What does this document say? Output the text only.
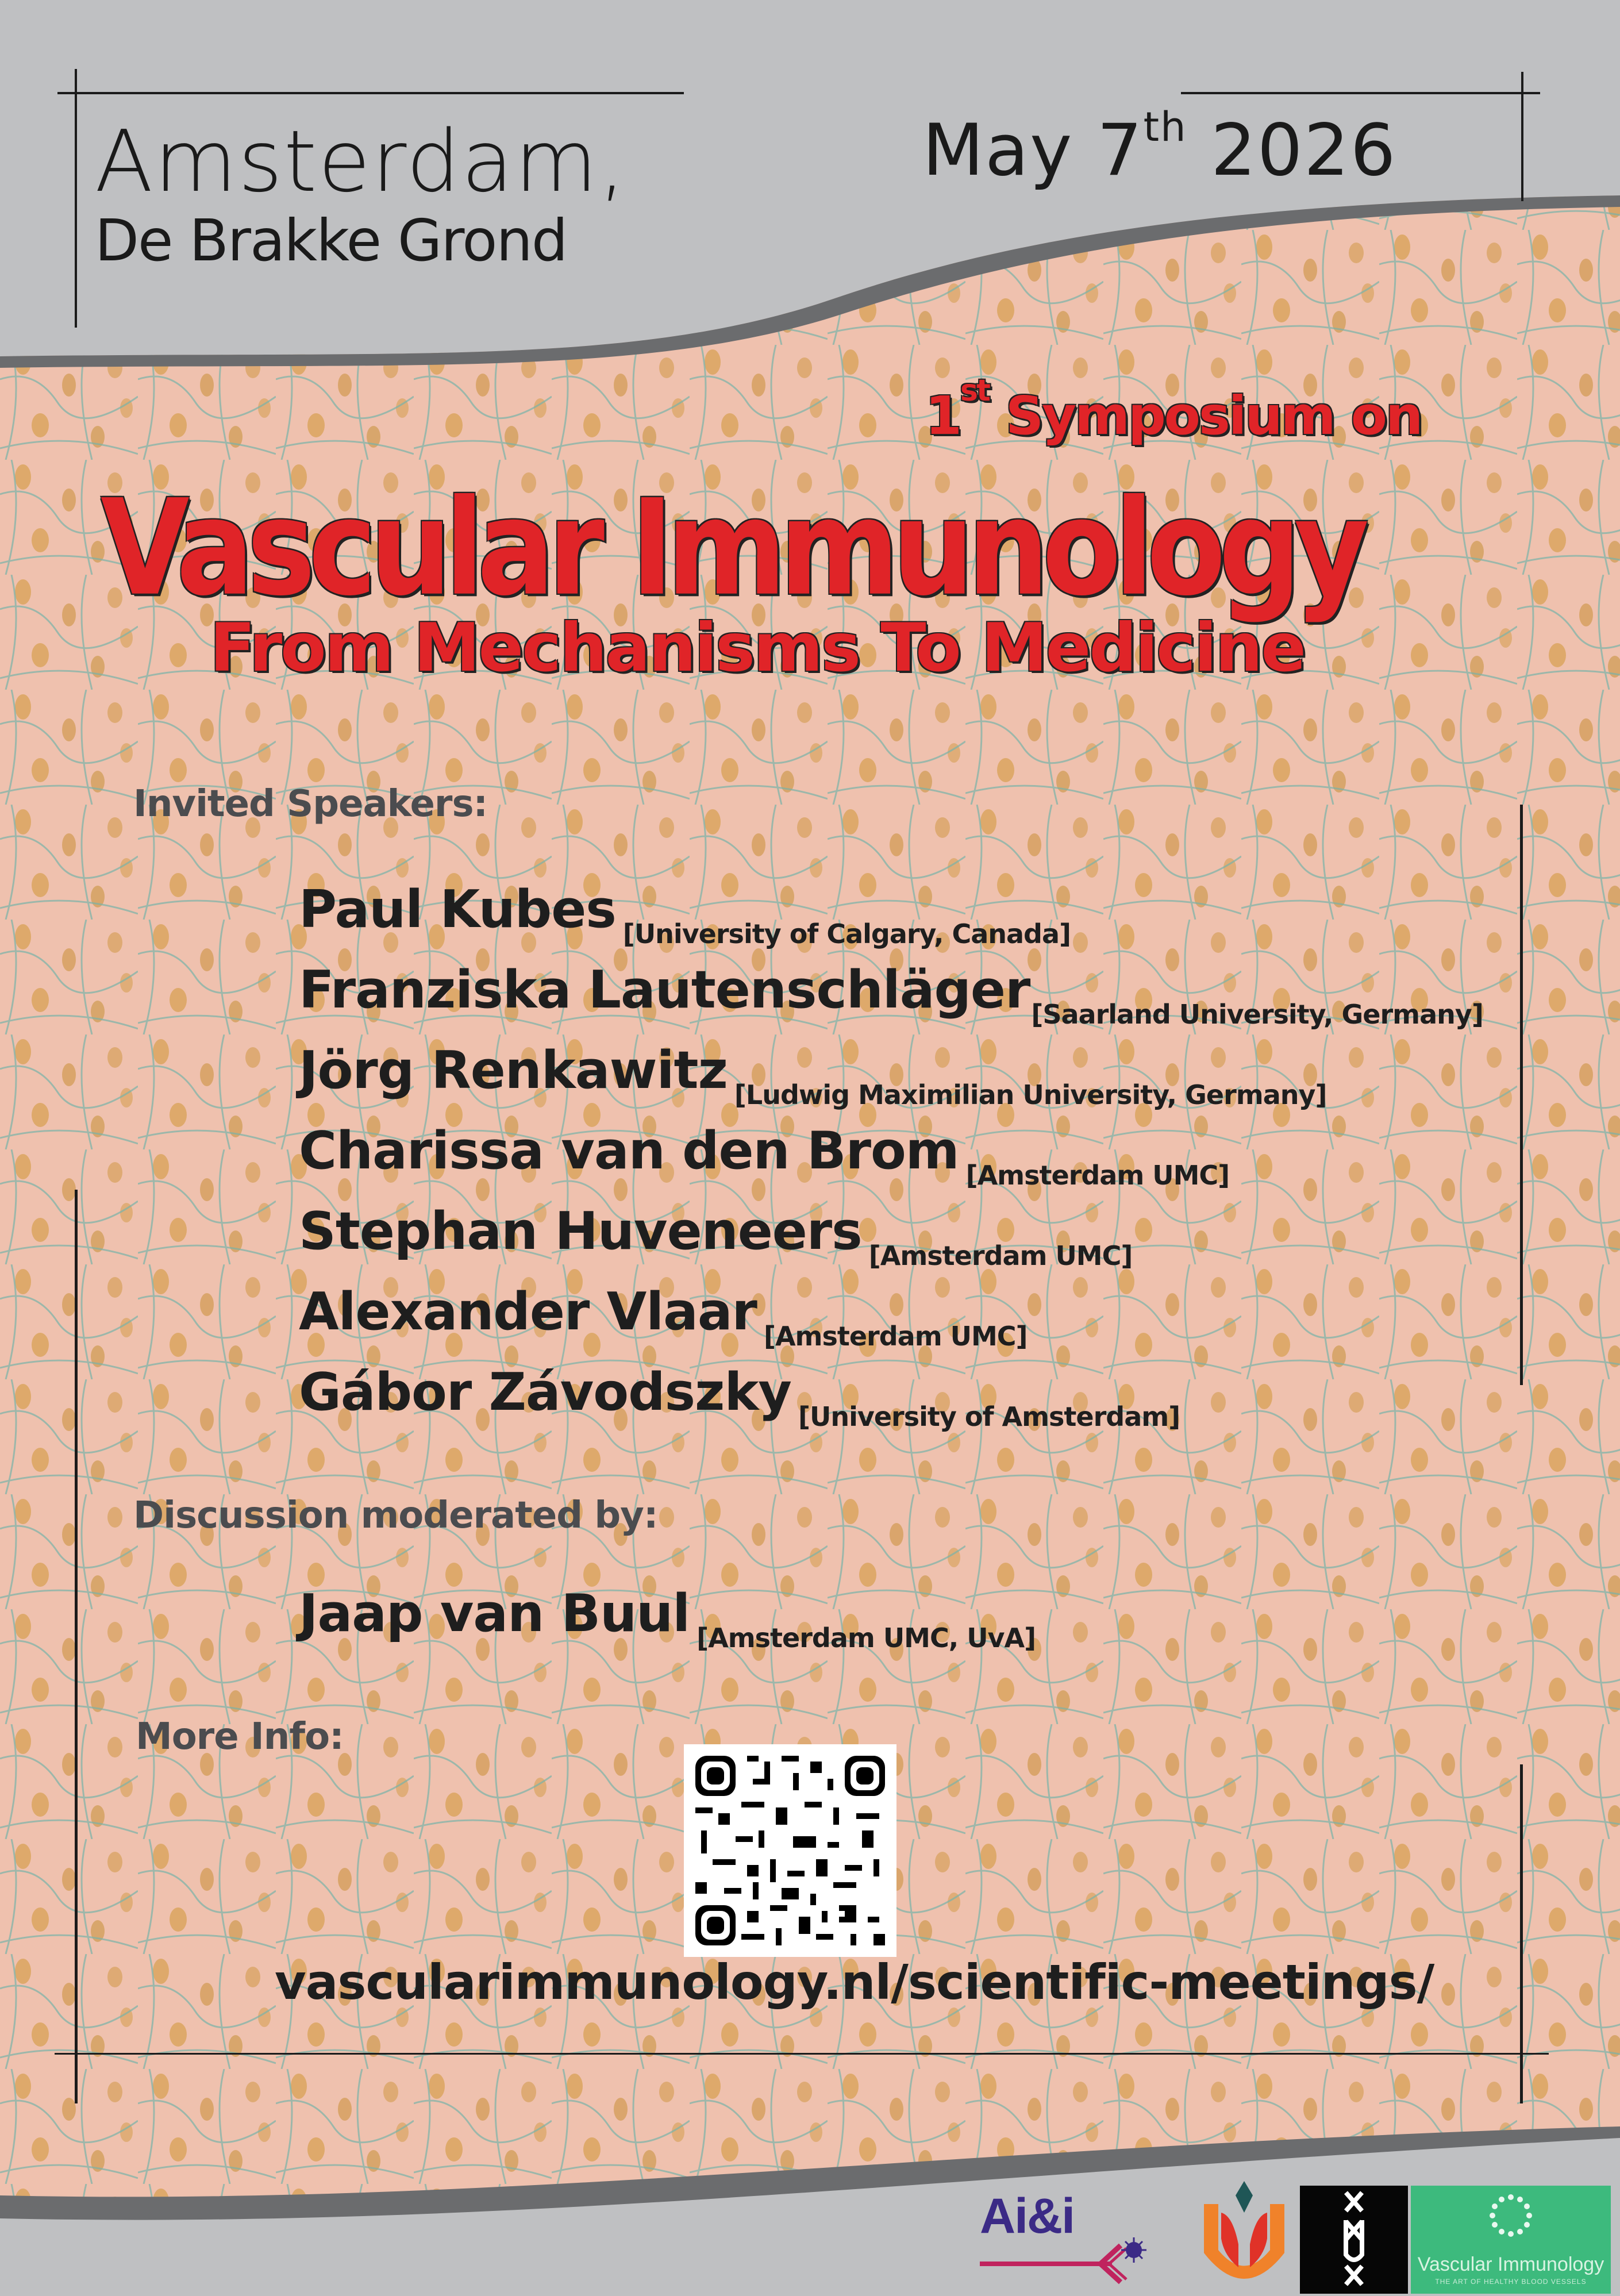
Amsterdam,
De Brakke Grond
May 7th 2026
1st Symposium on
Vascular Immunology
From Mechanisms To Medicine
Invited Speakers:
Paul Kubes [University of Calgary, Canada]
Franziska Lautenschläger[Saarland University, Germany]
Jörg Renkawitz [Ludwig Maximilian University, Germany]
Charissa van den Brom [Amsterdam UMC]
Stephan Huveneers [Amsterdam UMC]
Alexander Vlaar [Amsterdam UMC]
Gábor Závodszky [University of Amsterdam]
Discussion moderated by:
Jaap van Buul [Amsterdam UMC, UvA]
More Info:
vascularimmunology.nl/scientific-meetings/
Ai&i
Vascular Immunology
THE ART OF HEALTHY BLOOD VESSELS
